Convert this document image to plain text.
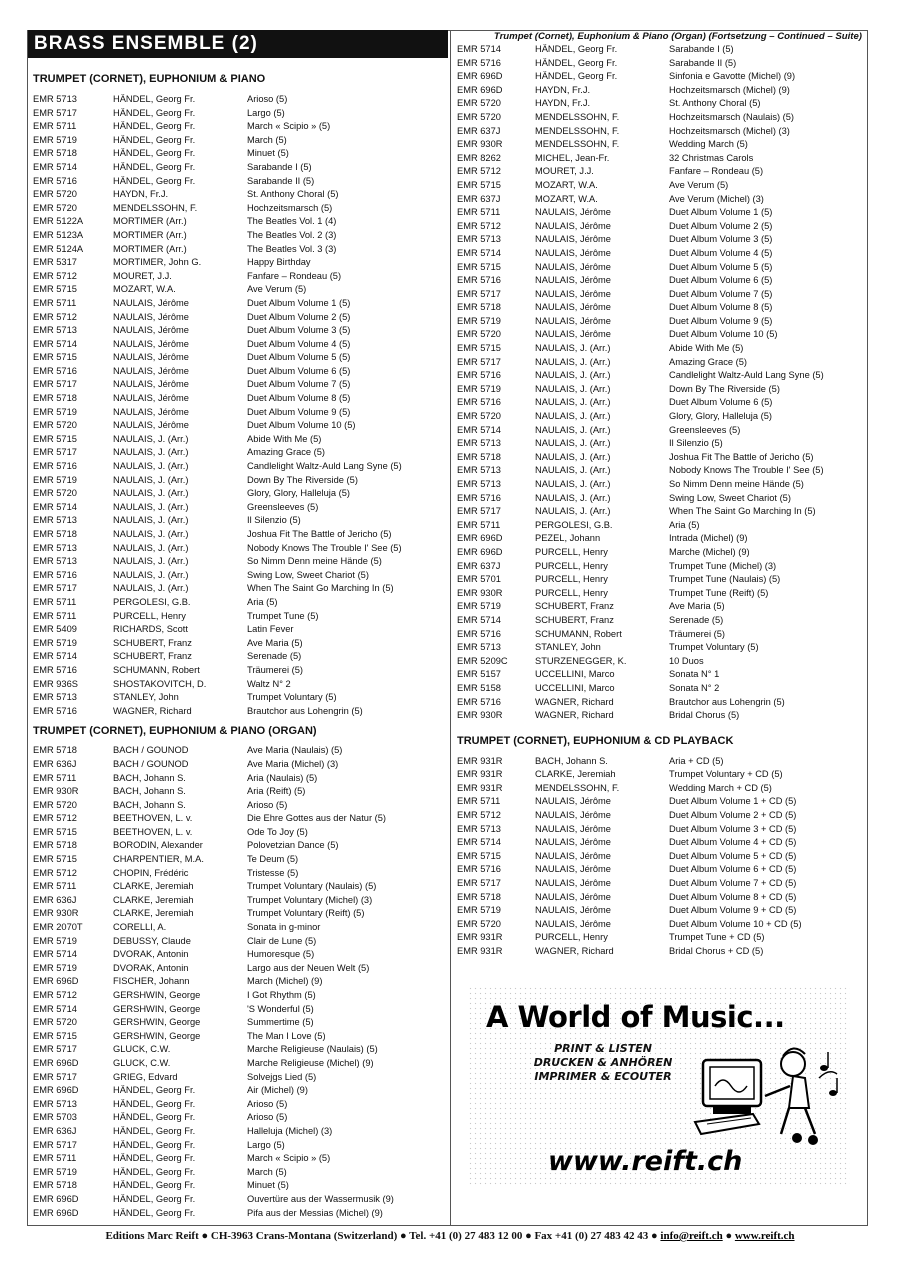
BRASS ENSEMBLE (2)
TRUMPET (CORNET), EUPHONIUM & PIANO
EMR 5713	HÄNDEL, Georg Fr.	Arioso (5)
EMR 5717	HÄNDEL, Georg Fr.	Largo (5)
EMR 5711	HÄNDEL, Georg Fr.	March « Scipio » (5)
EMR 5719	HÄNDEL, Georg Fr.	March (5)
EMR 5718	HÄNDEL, Georg Fr.	Minuet (5)
EMR 5714	HÄNDEL, Georg Fr.	Sarabande I (5)
EMR 5716	HÄNDEL, Georg Fr.	Sarabande II (5)
EMR 5720	HAYDN, Fr.J.	St. Anthony Choral (5)
EMR 5720	MENDELSSOHN, F.	Hochzeitsmarsch (5)
EMR 5122A	MORTIMER (Arr.)	The Beatles Vol. 1 (4)
EMR 5123A	MORTIMER (Arr.)	The Beatles Vol. 2 (3)
EMR 5124A	MORTIMER (Arr.)	The Beatles Vol. 3 (3)
EMR 5317	MORTIMER, John G.	Happy Birthday
EMR 5712	MOURET, J.J.	Fanfare – Rondeau (5)
EMR 5715	MOZART, W.A.	Ave Verum (5)
EMR 5711	NAULAIS, Jérôme	Duet Album Volume 1 (5)
EMR 5712	NAULAIS, Jérôme	Duet Album Volume 2 (5)
EMR 5713	NAULAIS, Jérôme	Duet Album Volume 3 (5)
EMR 5714	NAULAIS, Jérôme	Duet Album Volume 4 (5)
EMR 5715	NAULAIS, Jérôme	Duet Album Volume 5 (5)
EMR 5716	NAULAIS, Jérôme	Duet Album Volume 6 (5)
EMR 5717	NAULAIS, Jérôme	Duet Album Volume 7 (5)
EMR 5718	NAULAIS, Jérôme	Duet Album Volume 8 (5)
EMR 5719	NAULAIS, Jérôme	Duet Album Volume 9 (5)
EMR 5720	NAULAIS, Jérôme	Duet Album Volume 10 (5)
EMR 5715	NAULAIS, J. (Arr.)	Abide With Me (5)
EMR 5717	NAULAIS, J. (Arr.)	Amazing Grace (5)
EMR 5716	NAULAIS, J. (Arr.)	Candlelight Waltz-Auld Lang Syne (5)
EMR 5719	NAULAIS, J. (Arr.)	Down By The Riverside (5)
EMR 5720	NAULAIS, J. (Arr.)	Glory, Glory, Halleluja (5)
EMR 5714	NAULAIS, J. (Arr.)	Greensleeves (5)
EMR 5713	NAULAIS, J. (Arr.)	Il Silenzio (5)
EMR 5718	NAULAIS, J. (Arr.)	Joshua Fit The Battle of Jericho (5)
EMR 5713	NAULAIS, J. (Arr.)	Nobody Knows The Trouble I' See (5)
EMR 5713	NAULAIS, J. (Arr.)	So Nimm Denn meine Hände (5)
EMR 5716	NAULAIS, J. (Arr.)	Swing Low, Sweet Chariot (5)
EMR 5717	NAULAIS, J. (Arr.)	When The Saint Go Marching In (5)
EMR 5711	PERGOLESI, G.B.	Aria (5)
EMR 5711	PURCELL, Henry	Trumpet Tune (5)
EMR 5409	RICHARDS, Scott	Latin Fever
EMR 5719	SCHUBERT, Franz	Ave Maria (5)
EMR 5714	SCHUBERT, Franz	Serenade (5)
EMR 5716	SCHUMANN, Robert	Träumerei (5)
EMR 936S	SHOSTAKOVITCH, D.	Waltz N° 2
EMR 5713	STANLEY, John	Trumpet Voluntary (5)
EMR 5716	WAGNER, Richard	Brautchor aus Lohengrin (5)
TRUMPET (CORNET), EUPHONIUM & PIANO (ORGAN)
EMR 5718	BACH / GOUNOD	Ave Maria (Naulais) (5)
EMR 636J	BACH / GOUNOD	Ave Maria (Michel) (3)
EMR 5711	BACH, Johann S.	Aria (Naulais) (5)
EMR 930R	BACH, Johann S.	Aria (Reift) (5)
EMR 5720	BACH, Johann S.	Arioso (5)
EMR 5712	BEETHOVEN, L. v.	Die Ehre Gottes aus der Natur (5)
EMR 5715	BEETHOVEN, L. v.	Ode To Joy (5)
EMR 5718	BORODIN, Alexander	Polovetzian Dance (5)
EMR 5715	CHARPENTIER, M.A.	Te Deum (5)
EMR 5712	CHOPIN, Frédéric	Tristesse (5)
EMR 5711	CLARKE, Jeremiah	Trumpet Voluntary (Naulais) (5)
EMR 636J	CLARKE, Jeremiah	Trumpet Voluntary (Michel) (3)
EMR 930R	CLARKE, Jeremiah	Trumpet Voluntary (Reift) (5)
EMR 2070T	CORELLI, A.	Sonata in g-minor
EMR 5719	DEBUSSY, Claude	Clair de Lune (5)
EMR 5714	DVORAK, Antonin	Humoresque (5)
EMR 5719	DVORAK, Antonin	Largo aus der Neuen Welt (5)
EMR 696D	FISCHER, Johann	March (Michel) (9)
EMR 5712	GERSHWIN, George	I Got Rhythm (5)
EMR 5714	GERSHWIN, George	'S Wonderful (5)
EMR 5720	GERSHWIN, George	Summertime (5)
EMR 5715	GERSHWIN, George	The Man I Love (5)
EMR 5717	GLUCK, C.W.	Marche Religieuse (Naulais) (5)
EMR 696D	GLUCK, C.W.	Marche Religieuse (Michel) (9)
EMR 5717	GRIEG, Edvard	Solvejgs Lied (5)
EMR 696D	HÄNDEL, Georg Fr.	Air (Michel) (9)
EMR 5713	HÄNDEL, Georg Fr.	Arioso (5)
EMR 5703	HÄNDEL, Georg Fr.	Arioso (5)
EMR 636J	HÄNDEL, Georg Fr.	Halleluja (Michel) (3)
EMR 5717	HÄNDEL, Georg Fr.	Largo (5)
EMR 5711	HÄNDEL, Georg Fr.	March « Scipio » (5)
EMR 5719	HÄNDEL, Georg Fr.	March (5)
EMR 5718	HÄNDEL, Georg Fr.	Minuet (5)
EMR 696D	HÄNDEL, Georg Fr.	Ouvertüre aus der Wassermusik (9)
EMR 696D	HÄNDEL, Georg Fr.	Pifa aus der Messias (Michel) (9)
Trumpet (Cornet), Euphonium & Piano (Organ) (Fortsetzung – Continued – Suite)
EMR 5714	HÄNDEL, Georg Fr.	Sarabande I (5)
EMR 5716	HÄNDEL, Georg Fr.	Sarabande II (5)
EMR 696D	HÄNDEL, Georg Fr.	Sinfonia e Gavotte (Michel) (9)
EMR 696D	HAYDN, Fr.J.	Hochzeitsmarsch (Michel) (9)
EMR 5720	HAYDN, Fr.J.	St. Anthony Choral (5)
EMR 5720	MENDELSSOHN, F.	Hochzeitsmarsch (Naulais) (5)
EMR 637J	MENDELSSOHN, F.	Hochzeitsmarsch (Michel) (3)
EMR 930R	MENDELSSOHN, F.	Wedding March (5)
EMR 8262	MICHEL, Jean-Fr.	32 Christmas Carols
EMR 5712	MOURET, J.J.	Fanfare – Rondeau (5)
EMR 5715	MOZART, W.A.	Ave Verum (5)
EMR 637J	MOZART, W.A.	Ave Verum (Michel) (3)
EMR 5711	NAULAIS, Jérôme	Duet Album Volume 1 (5)
EMR 5712	NAULAIS, Jérôme	Duet Album Volume 2 (5)
EMR 5713	NAULAIS, Jérôme	Duet Album Volume 3 (5)
EMR 5714	NAULAIS, Jérôme	Duet Album Volume 4 (5)
EMR 5715	NAULAIS, Jérôme	Duet Album Volume 5 (5)
EMR 5716	NAULAIS, Jérôme	Duet Album Volume 6 (5)
EMR 5717	NAULAIS, Jérôme	Duet Album Volume 7 (5)
EMR 5718	NAULAIS, Jérôme	Duet Album Volume 8 (5)
EMR 5719	NAULAIS, Jérôme	Duet Album Volume 9 (5)
EMR 5720	NAULAIS, Jérôme	Duet Album Volume 10 (5)
EMR 5715	NAULAIS, J. (Arr.)	Abide With Me (5)
EMR 5717	NAULAIS, J. (Arr.)	Amazing Grace (5)
EMR 5716	NAULAIS, J. (Arr.)	Candlelight Waltz-Auld Lang Syne (5)
EMR 5719	NAULAIS, J. (Arr.)	Down By The Riverside (5)
EMR 5716	NAULAIS, J. (Arr.)	Duet Album Volume 6 (5)
EMR 5720	NAULAIS, J. (Arr.)	Glory, Glory, Halleluja (5)
EMR 5714	NAULAIS, J. (Arr.)	Greensleeves (5)
EMR 5713	NAULAIS, J. (Arr.)	Il Silenzio (5)
EMR 5718	NAULAIS, J. (Arr.)	Joshua Fit The Battle of Jericho (5)
EMR 5713	NAULAIS, J. (Arr.)	Nobody Knows The Trouble I' See (5)
EMR 5713	NAULAIS, J. (Arr.)	So Nimm Denn meine Hände (5)
EMR 5716	NAULAIS, J. (Arr.)	Swing Low, Sweet Chariot (5)
EMR 5717	NAULAIS, J. (Arr.)	When The Saint Go Marching In (5)
EMR 5711	PERGOLESI, G.B.	Aria (5)
EMR 696D	PEZEL, Johann	Intrada (Michel) (9)
EMR 696D	PURCELL, Henry	Marche (Michel) (9)
EMR 637J	PURCELL, Henry	Trumpet Tune (Michel) (3)
EMR 5701	PURCELL, Henry	Trumpet Tune (Naulais) (5)
EMR 930R	PURCELL, Henry	Trumpet Tune (Reift) (5)
EMR 5719	SCHUBERT, Franz	Ave Maria (5)
EMR 5714	SCHUBERT, Franz	Serenade (5)
EMR 5716	SCHUMANN, Robert	Träumerei (5)
EMR 5713	STANLEY, John	Trumpet Voluntary (5)
EMR 5209C	STURZENEGGER, K.	10 Duos
EMR 5157	UCCELLINI, Marco	Sonata N° 1
EMR 5158	UCCELLINI, Marco	Sonata N° 2
EMR 5716	WAGNER, Richard	Brautchor aus Lohengrin (5)
EMR 930R	WAGNER, Richard	Bridal Chorus (5)
TRUMPET (CORNET), EUPHONIUM & CD PLAYBACK
EMR 931R	BACH, Johann S.	Aria + CD (5)
EMR 931R	CLARKE, Jeremiah	Trumpet Voluntary + CD (5)
EMR 931R	MENDELSSOHN, F.	Wedding March + CD (5)
EMR 5711	NAULAIS, Jérôme	Duet Album Volume 1 + CD (5)
EMR 5712	NAULAIS, Jérôme	Duet Album Volume 2 + CD (5)
EMR 5713	NAULAIS, Jérôme	Duet Album Volume 3 + CD (5)
EMR 5714	NAULAIS, Jérôme	Duet Album Volume 4 + CD (5)
EMR 5715	NAULAIS, Jérôme	Duet Album Volume 5 + CD (5)
EMR 5716	NAULAIS, Jérôme	Duet Album Volume 6 + CD (5)
EMR 5717	NAULAIS, Jérôme	Duet Album Volume 7 + CD (5)
EMR 5718	NAULAIS, Jérôme	Duet Album Volume 8 + CD (5)
EMR 5719	NAULAIS, Jérôme	Duet Album Volume 9 + CD (5)
EMR 5720	NAULAIS, Jérôme	Duet Album Volume 10 + CD (5)
EMR 931R	PURCELL, Henry	Trumpet Tune + CD (5)
EMR 931R	WAGNER, Richard	Bridal Chorus + CD (5)
A World of Music...
PRINT & LISTEN
DRUCKEN & ANHÖREN
IMPRIMER & ECOUTER
www.reift.ch
Editions Marc Reift ● CH-3963 Crans-Montana (Switzerland) ● Tel. +41 (0) 27 483 12 00 ● Fax +41 (0) 27 483 42 43 ● info@reift.ch ● www.reift.ch
